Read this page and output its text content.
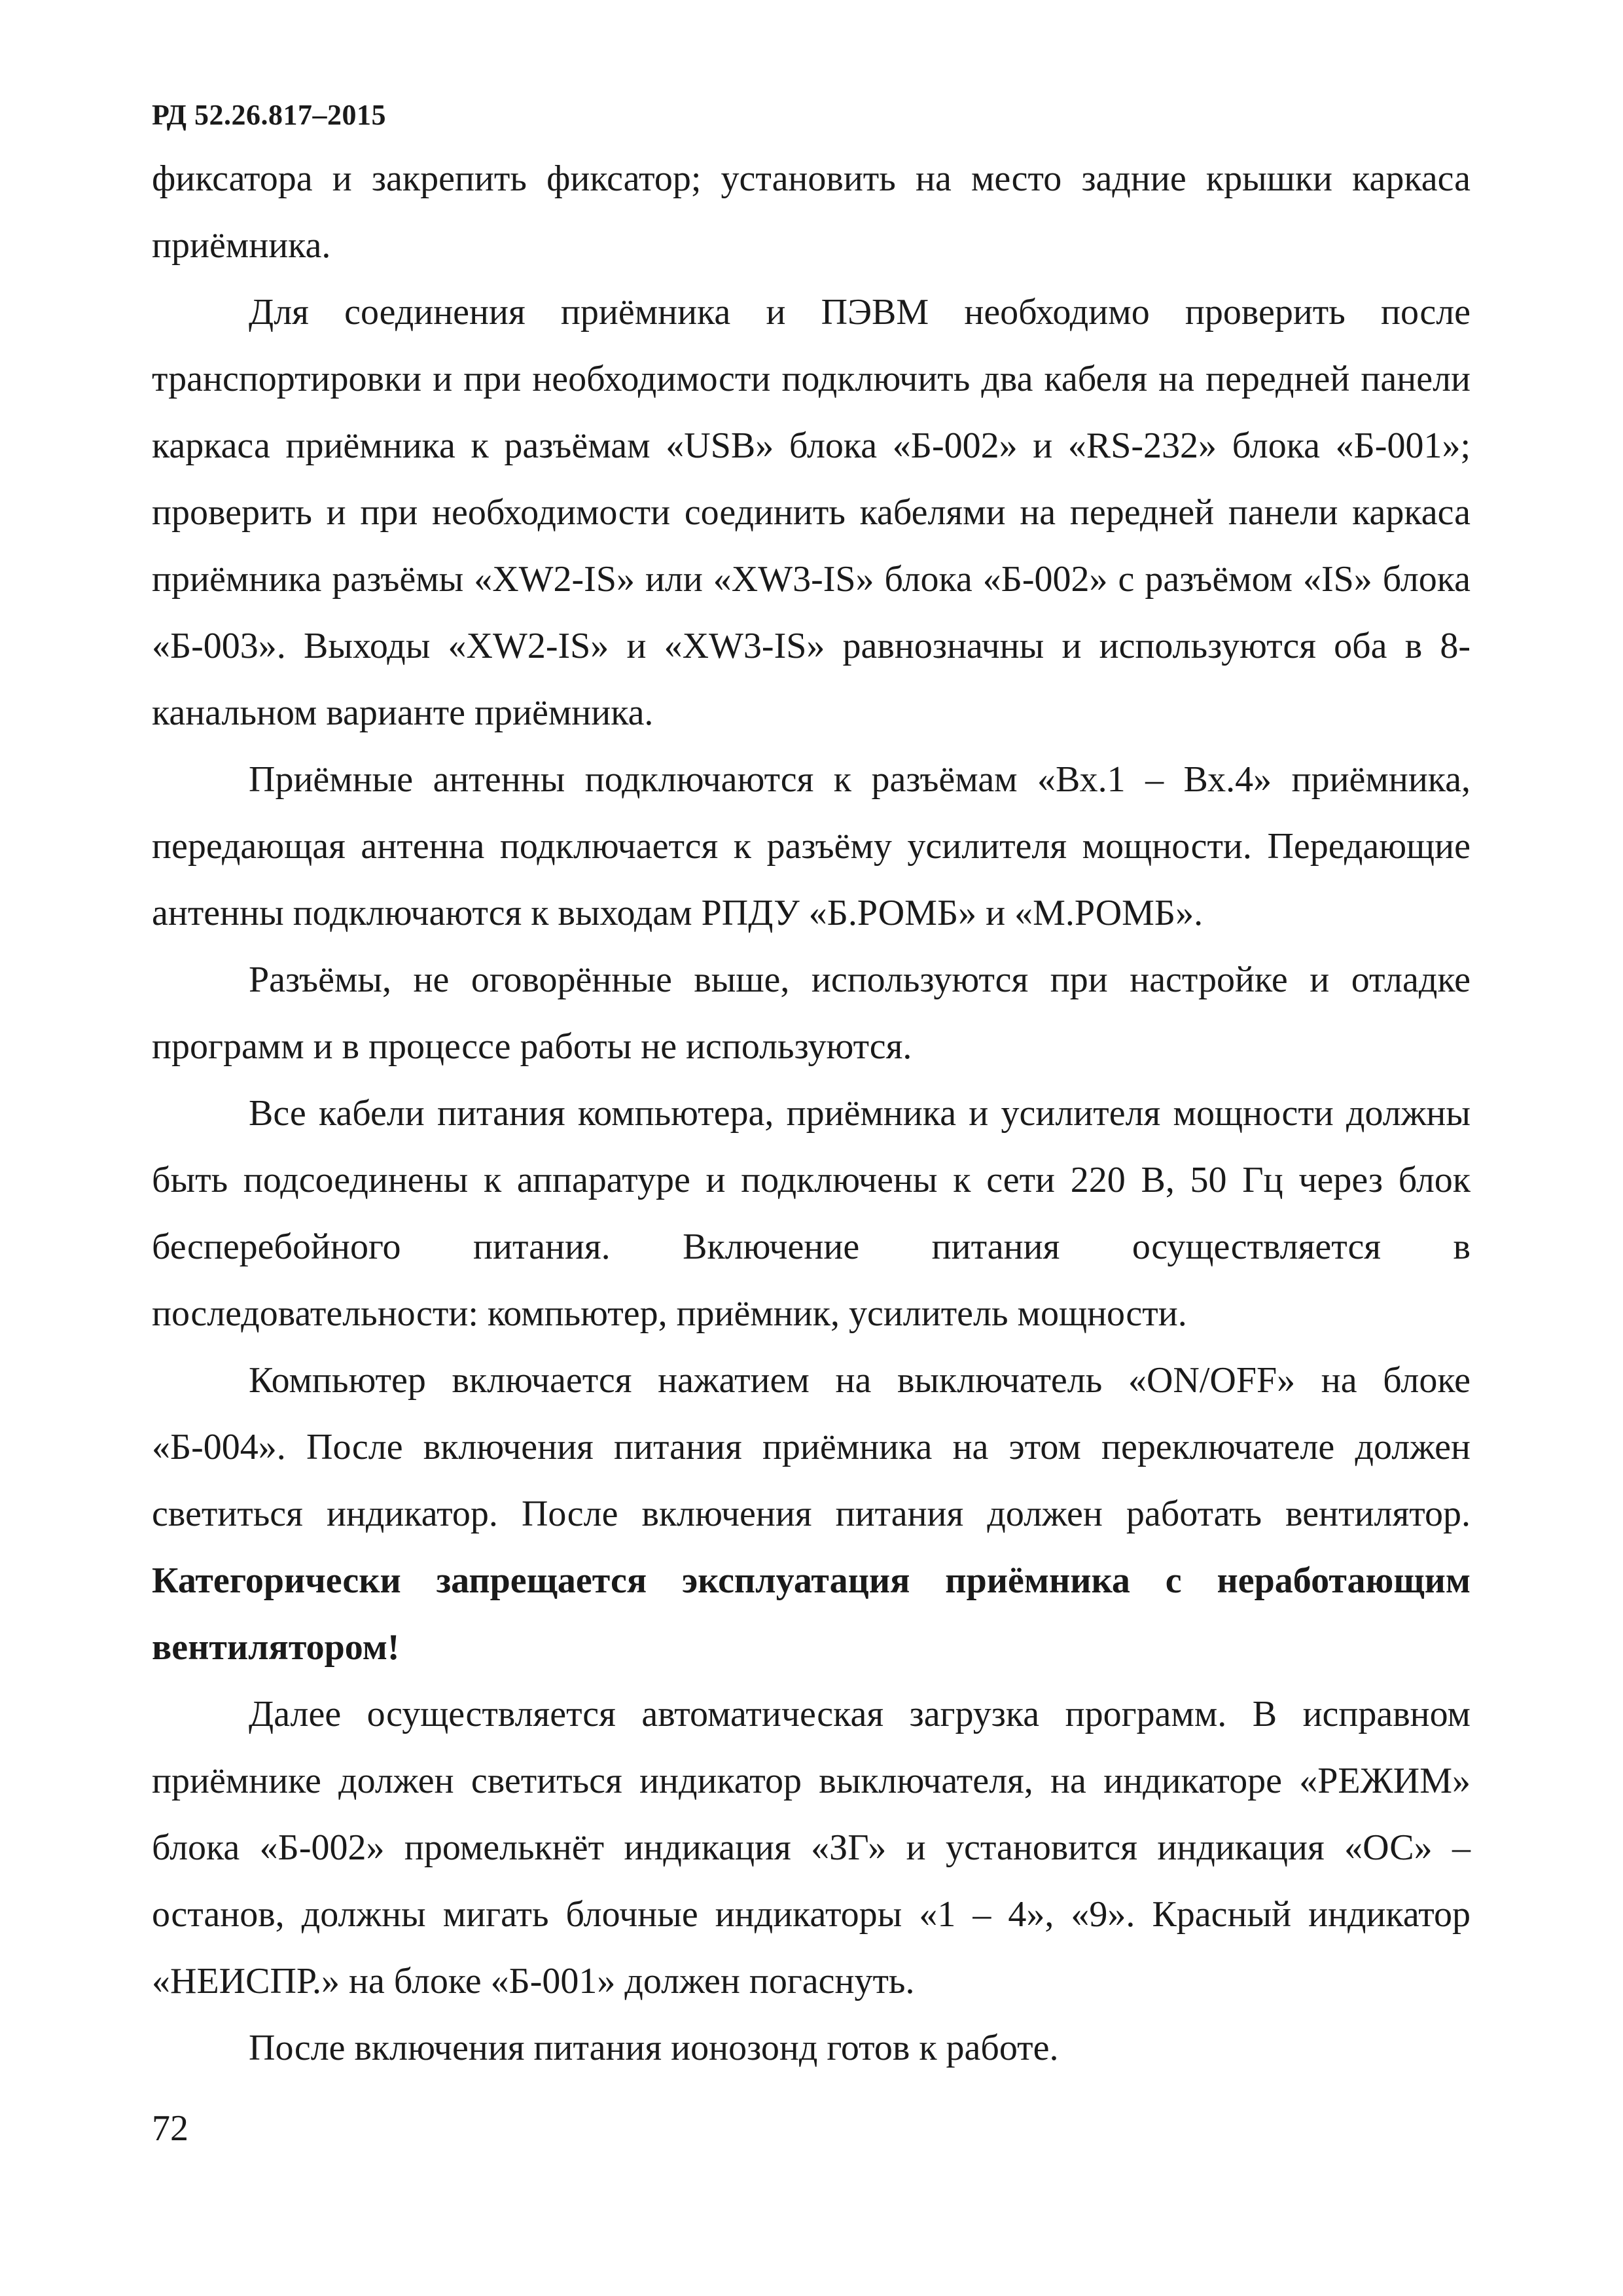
РД 52.26.817–2015

фиксатора и закрепить фиксатор; установить на место задние крышки каркаса приёмника.

Для соединения приёмника и ПЭВМ необходимо проверить после транспортировки и при необходимости подключить два кабеля на передней панели каркаса приёмника к разъёмам «USB» блока «Б-002» и «RS-232» блока «Б-001»; проверить и при необходимости соединить кабелями на передней панели каркаса приёмника разъёмы «XW2-IS» или «XW3-IS» блока «Б-002» с разъёмом «IS» блока «Б-003». Выходы «XW2-IS» и «XW3-IS» равнозначны и используются оба в 8-канальном варианте приёмника.

Приёмные антенны подключаются к разъёмам «Вх.1 – Вх.4» приёмника, передающая антенна подключается к разъёму усилителя мощности. Передающие антенны подключаются к выходам РПДУ «Б.РОМБ» и «М.РОМБ».

Разъёмы, не оговорённые выше, используются при настройке и отладке программ и в процессе работы не используются.

Все кабели питания компьютера, приёмника и усилителя мощности должны быть подсоединены к аппаратуре и подключены к сети 220 В, 50 Гц через блок бесперебойного питания. Включение питания осуществляется в последовательности: компьютер, приёмник, усилитель мощности.

Компьютер включается нажатием на выключатель «ON/OFF» на блоке «Б-004». После включения питания приёмника на этом переключателе должен светиться индикатор. После включения питания должен работать вентилятор. Категорически запрещается эксплуатация приёмника с неработающим вентилятором!

Далее осуществляется автоматическая загрузка программ. В исправном приёмнике должен светиться индикатор выключателя, на индикаторе «РЕЖИМ» блока «Б-002» промелькнёт индикация «ЗГ» и установится индикация «ОС» – останов, должны мигать блочные индикаторы «1 – 4», «9». Красный индикатор «НЕИСПР.» на блоке «Б-001» должен погаснуть.

После включения питания ионозонд готов к работе.

72
